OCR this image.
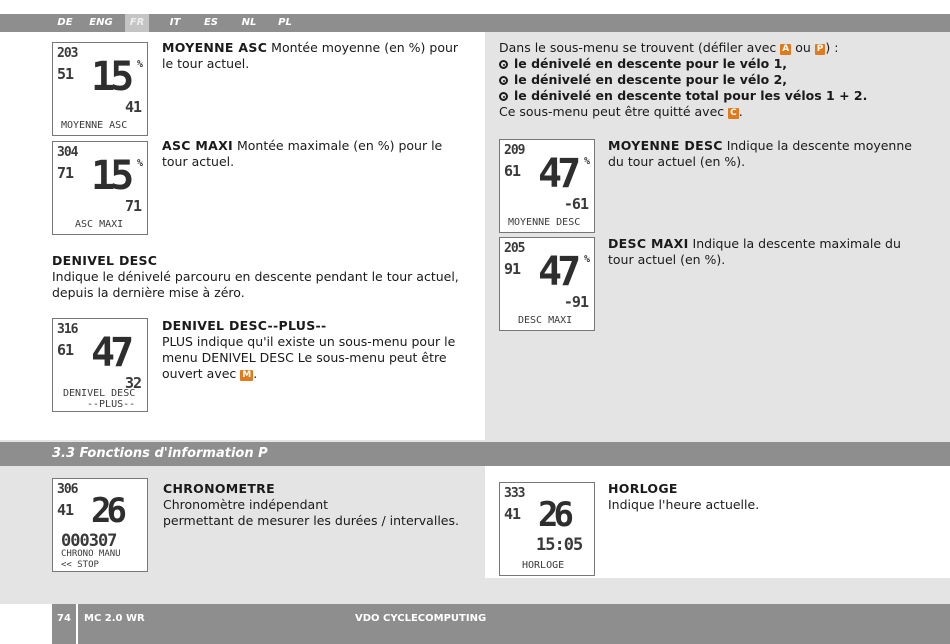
DE	ENG	FR	IT	ES	NL	PL
203
51 15 %
41
MOYENNE ASC
MOYENNE ASC Montée moyenne (en %) pour le tour actuel.
304
71 15 %
71
ASC MAXI
ASC MAXI Montée maximale (en %) pour le tour actuel.
DENIVEL DESC
Indique le dénivelé parcouru en descente pendant le tour actuel, depuis la dernière mise à zéro.
316
61 47
32
DENIVEL DESC
--PLUS--
DENIVEL DESC--PLUS--
PLUS indique qu'il existe un sous-menu pour le menu DENIVEL DESC Le sous-menu peut être ouvert avec M .
Dans le sous-menu se trouvent (défiler avec A ou P ) :
le dénivelé en descente pour le vélo 1,
le dénivelé en descente pour le vélo 2,
le dénivelé en descente total pour les vélos 1 + 2.
Ce sous-menu peut être quitté avec C .
209
61 47 %
-61
MOYENNE DESC
MOYENNE DESC Indique la descente moyenne du tour actuel (en %).
205
91 47 %
-91
DESC MAXI
DESC MAXI Indique la descente maximale du tour actuel (en %).
3.3 Fonctions d'information P
306
41 26
000307
CHRONO MANU
<< STOP
CHRONOMETRE
Chronomètre indépendant
permettant de mesurer les durées / intervalles.
333
41 26
15:05
HORLOGE
HORLOGE
Indique l'heure actuelle.
74 MC 2.0 WR	VDO CYCLECOMPUTING
